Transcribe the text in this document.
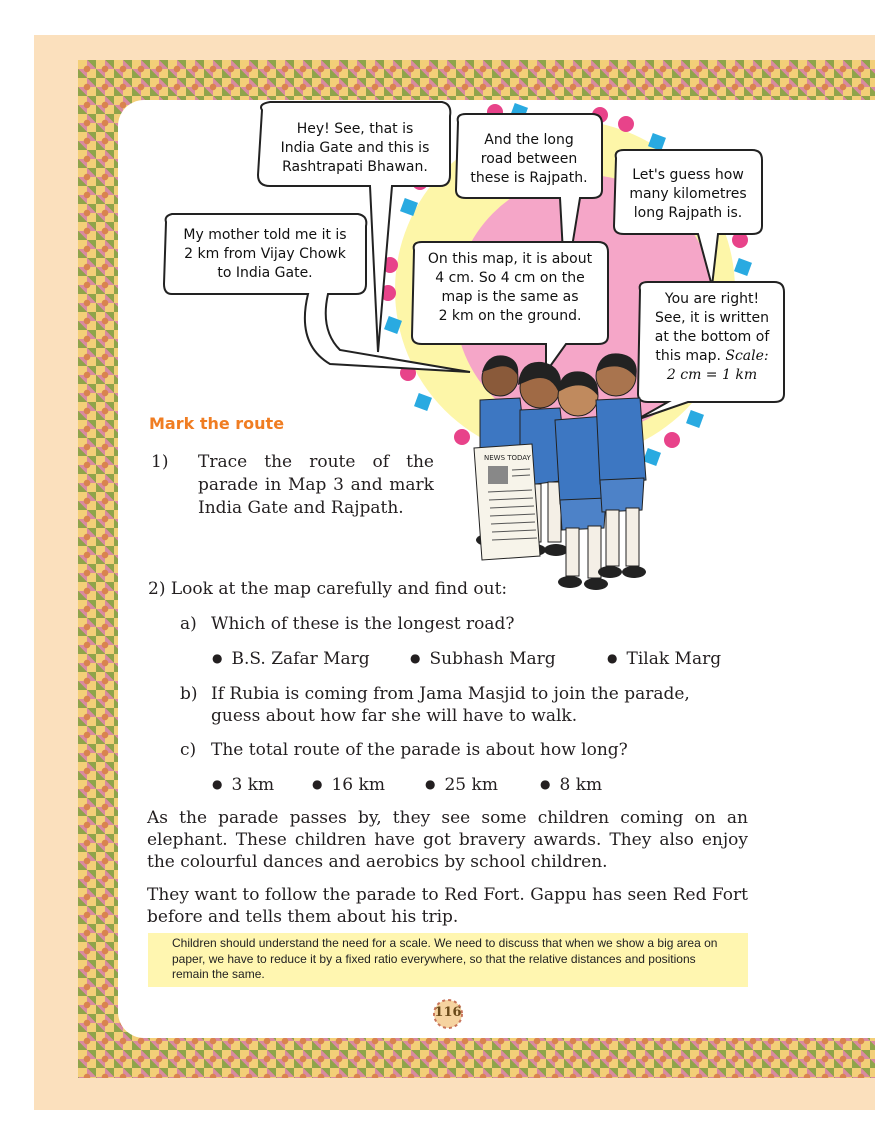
NEWS TODAY
Hey! See, that is
India Gate and this is
Rashtrapati Bhawan.
And the long
road between
these is Rajpath.	Let's guess how
many kilometres
long Rajpath is.
My mother told me it is
2 km from Vijay Chowk
to India Gate.
On this map, it is about
4 cm. So 4 cm on the
map is the same as
2 km on the ground.
You are right!
See, it is written
at the bottom of
this map. Scale:
2 cm = 1 km
Mark the route
1) Trace the route of the parade in Map 3 and mark India Gate and Rajpath.
2) Look at the map carefully and find out:
a) Which of these is the longest road?
● B.S. Zafar Marg	● Subhash Marg	● Tilak Marg
b) If Rubia is coming from Jama Masjid to join the parade,
guess about how far she will have to walk.
c) The total route of the parade is about how long?
● 3 km	● 16 km	● 25 km	● 8 km
As the parade passes by, they see some children coming on an elephant. These children have got bravery awards. They also enjoy the colourful dances and aerobics by school children.
They want to follow the parade to Red Fort. Gappu has seen Red Fort before and tells them about his trip.

Children should understand the need for a scale. We need to discuss that when we show a big area on paper, we have to reduce it by a fixed ratio everywhere, so that the relative distances and positions remain the same.

116
